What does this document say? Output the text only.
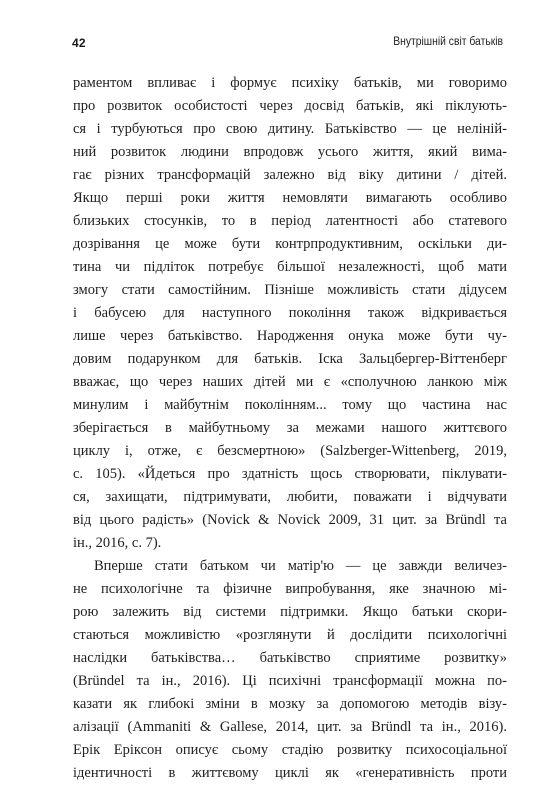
42	Внутрішній світ батьків
раментом впливає і формує психіку батьків, ми говоримо
про розвиток особистості через досвід батьків, які піклують-
ся і турбуються про свою дитину. Батьківство — це неліній-
ний розвиток людини впродовж усього життя, який вима-
гає різних трансформацій залежно від віку дитини / дітей.
Якщо перші роки життя немовляти вимагають особливо
близьких стосунків, то в період латентності або статевого
дозрівання це може бути контрпродуктивним, оскільки ди-
тина чи підліток потребує більшої незалежності, щоб мати
змогу стати самостійним. Пізніше можливість стати дідусем
і бабусею для наступного покоління також відкривається
лише через батьківство. Народження онука може бути чу-
довим подарунком для батьків. Іска Зальцбергер-Віттенберг
вважає, що через наших дітей ми є «сполучною ланкою між
минулим і майбутнім поколінням... тому що частина нас
зберігається в майбутньому за межами нашого життєвого
циклу і, отже, є безсмертною» (Salzberger-Wittenberg, 2019,
с. 105). «Йдеться про здатність щось створювати, піклувати-
ся, захищати, підтримувати, любити, поважати і відчувати
від цього радість» (Novick & Novick 2009, 31 цит. за Bründl та
ін., 2016, с. 7).
Вперше стати батьком чи матір'ю — це завжди величез-
не психологічне та фізичне випробування, яке значною мі-
рою залежить від системи підтримки. Якщо батьки скори-
стаються можливістю «розглянути й дослідити психологічні
наслідки батьківства… батьківство сприятиме розвитку»
(Bründel та ін., 2016). Ці психічні трансформації можна по-
казати як глибокі зміни в мозку за допомогою методів візу-
алізації (Ammaniti & Gallese, 2014, цит. за Bründl та ін., 2016).
Ерік Еріксон описує сьому стадію розвитку психосоціальної
ідентичності в життєвому циклі як «генеративність проти
